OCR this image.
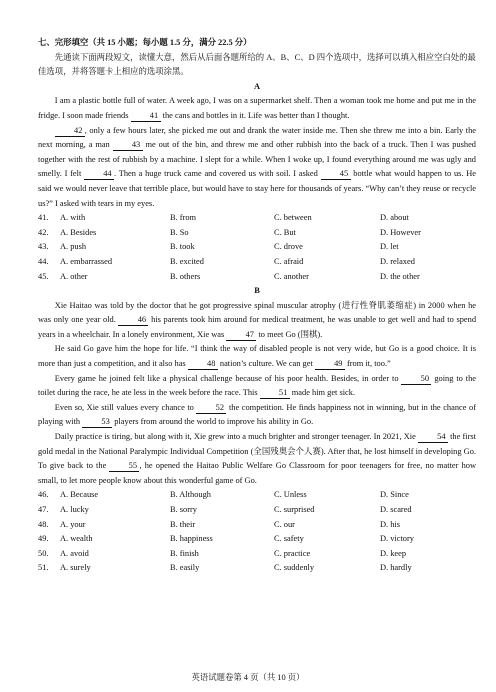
七、完形填空（共 15 小题；每小题 1.5 分，满分 22.5 分）

先通读下面两段短文，读懂大意，然后从后面各题所给的 A、B、C、D 四个选项中，选择可以填入相应空白处的最佳选项，并将答题卡上相应的选项涂黑。

A

I am a plastic bottle full of water. A week ago, I was on a supermarket shelf. Then a woman took me home and put me in the fridge. I soon made friends 41 the cans and bottles in it. Life was better than I thought.

42 , only a few hours later, she picked me out and drank the water inside me. Then she threw me into a bin. Early the next morning, a man 43 me out of the bin, and threw me and other rubbish into the back of a truck. Then I was pushed together with the rest of rubbish by a machine. I slept for a while. When I woke up, I found everything around me was ugly and smelly. I felt 44 . Then a huge truck came and covered us with soil. I asked 45 bottle what would happen to us. He said we would never leave that terrible place, but would have to stay here for thousands of years. “Why can’t they reuse or recycle us?” I asked with tears in my eyes.

41.	A. with	B. from	C. between	D. about
42.	A. Besides	B. So	C. But	D. However
43.	A. push	B. took	C. drove	D. let
44.	A. embarrassed	B. excited	C. afraid	D. relaxed
45.	A. other	B. others	C. another	D. the other

B

Xie Haitao was told by the doctor that he got progressive spinal muscular atrophy (进行性脊肌萎缩症) in 2000 when he was only one year old. 46 his parents took him around for medical treatment, he was unable to get well and had to spend years in a wheelchair. In a lonely environment, Xie was 47 to meet Go (围棋).

He said Go gave him the hope for life. “I think the way of disabled people is not very wide, but Go is a good choice. It is more than just a competition, and it also has 48 nation’s culture. We can get 49 from it, too.”

Every game he joined felt like a physical challenge because of his poor health. Besides, in order to 50 going to the toilet during the race, he ate less in the week before the race. This 51 made him get sick.

Even so, Xie still values every chance to 52 the competition. He finds happiness not in winning, but in the chance of playing with 53 players from around the world to improve his ability in Go.

Daily practice is tiring, but along with it, Xie grew into a much brighter and stronger teenager. In 2021, Xie 54 the first gold medal in the National Paralympic Individual Competition (全国残奥会个人赛). After that, he lost himself in developing Go. To give back to the 55 , he opened the Haitao Public Welfare Go Classroom for poor teenagers for free, no matter how small, to let more people know about this wonderful game of Go.

46.	A. Because	B. Although	C. Unless	D. Since
47.	A. lucky	B. sorry	C. surprised	D. scared
48.	A. your	B. their	C. our	D. his
49.	A. wealth	B. happiness	C. safety	D. victory
50.	A. avoid	B. finish	C. practice	D. keep
51.	A. surely	B. easily	C. suddenly	D. hardly
英语试题卷第 4 页（共 10 页）
